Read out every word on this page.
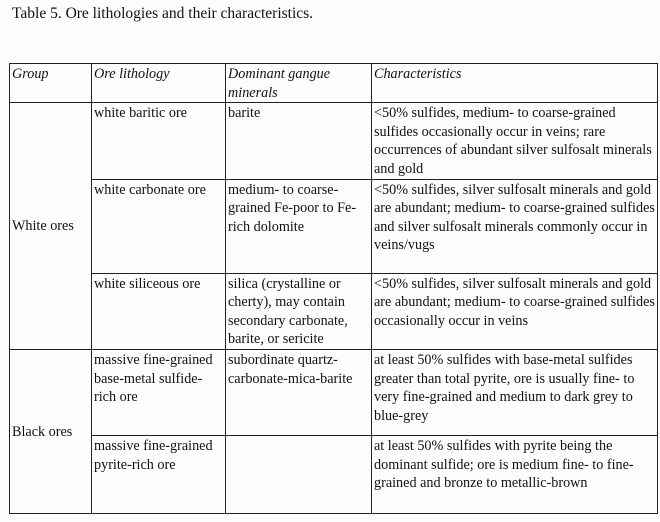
Table 5. Ore lithologies and their characteristics.
Group	Ore lithology	Dominant gangue minerals	Characteristics
White ores	white baritic ore	barite	<50% sulfides, medium- to coarse-grained sulfides occasionally occur in veins; rare occurrences of abundant silver sulfosalt minerals and gold
	white carbonate ore	medium- to coarse-grained Fe-poor to Fe-rich dolomite	<50% sulfides, silver sulfosalt minerals and gold are abundant; medium- to coarse-grained sulfides and silver sulfosalt minerals commonly occur in veins/vugs
	white siliceous ore	silica (crystalline or cherty), may contain secondary carbonate, barite, or sericite	<50% sulfides, silver sulfosalt minerals and gold are abundant; medium- to coarse-grained sulfides occasionally occur in veins
Black ores	massive fine-grained base-metal sulfide-rich ore	subordinate quartz-carbonate-mica-barite	at least 50% sulfides with base-metal sulfides greater than total pyrite, ore is usually fine- to very fine-grained and medium to dark grey to blue-grey
	massive fine-grained pyrite-rich ore		at least 50% sulfides with pyrite being the dominant sulfide; ore is medium fine- to fine-grained and bronze to metallic-brown
